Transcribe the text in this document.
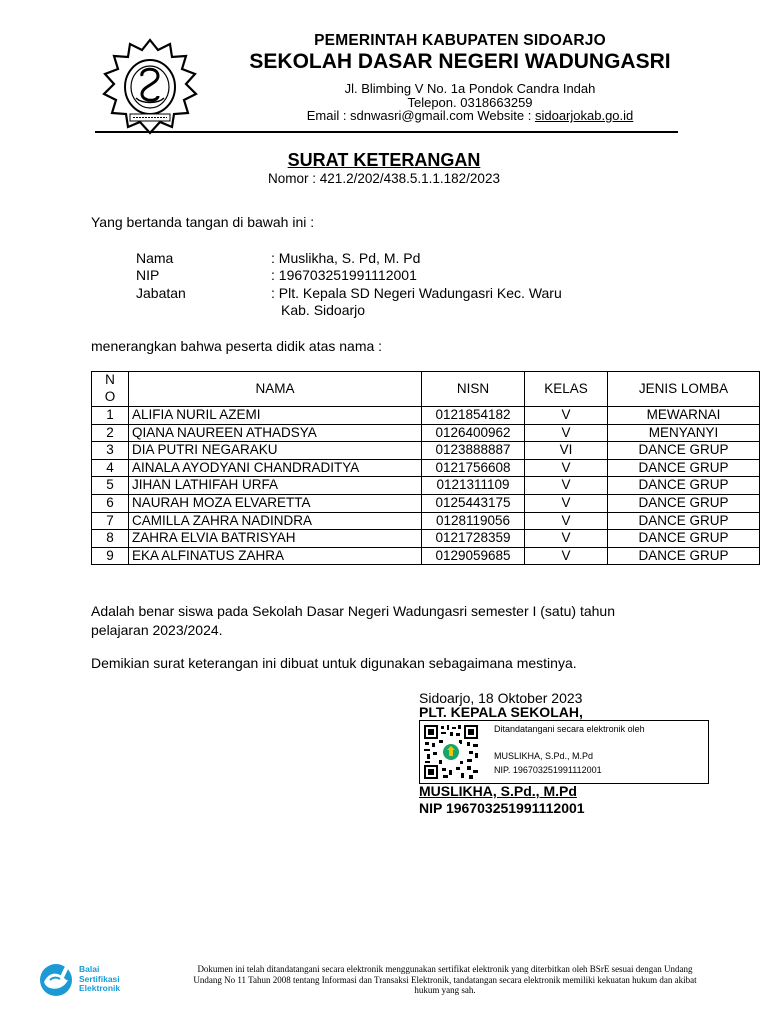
PEMERINTAH KABUPATEN SIDOARJO
SEKOLAH DASAR NEGERI WADUNGASRI
Jl. Blimbing V No. 1a Pondok Candra Indah
Telepon. 0318663259
Email : sdnwasri@gmail.com Website : sidoarjokab.go.id
SURAT KETERANGAN
Nomor : 421.2/202/438.5.1.1.182/2023
Yang bertanda tangan di bawah ini :
Nama	: Muslikha, S. Pd, M. Pd
NIP	: 196703251991112001
Jabatan	: Plt. Kepala SD Negeri Wadungasri Kec. Waru
Kab. Sidoarjo
menerangkan bahwa peserta didik atas nama :
N
O	NAMA	NISN	KELAS	JENIS LOMBA
1	ALIFIA NURIL AZEMI	0121854182	V	MEWARNAI
2	QIANA NAUREEN ATHADSYA	0126400962	V	MENYANYI
3	DIA PUTRI NEGARAKU	0123888887	VI	DANCE GRUP
4	AINALA AYODYANI CHANDRADITYA	0121756608	V	DANCE GRUP
5	JIHAN LATHIFAH URFA	0121311109	V	DANCE GRUP
6	NAURAH MOZA ELVARETTA	0125443175	V	DANCE GRUP
7	CAMILLA ZAHRA NADINDRA	0128119056	V	DANCE GRUP
8	ZAHRA ELVIA BATRISYAH	0121728359	V	DANCE GRUP
9	EKA ALFINATUS ZAHRA	0129059685	V	DANCE GRUP
Adalah benar siswa pada Sekolah Dasar Negeri Wadungasri semester I (satu) tahun
pelajaran 2023/2024.
Demikian surat keterangan ini dibuat untuk digunakan sebagaimana mestinya.
Sidoarjo, 18 Oktober 2023
PLT. KEPALA SEKOLAH,
Ditandatangani secara elektronik oleh
MUSLIKHA, S.Pd., M.Pd
NIP. 196703251991112001
MUSLIKHA, S.Pd., M.Pd
NIP 196703251991112001
Balai
Sertifikasi
Elektronik
Dokumen ini telah ditandatangani secara elektronik menggunakan sertifikat elektronik yang diterbitkan oleh BSrE sesuai dengan Undang
Undang No 11 Tahun 2008 tentang Informasi dan Transaksi Elektronik, tandatangan secara elektronik memiliki kekuatan hukum dan akibat
hukum yang sah.
